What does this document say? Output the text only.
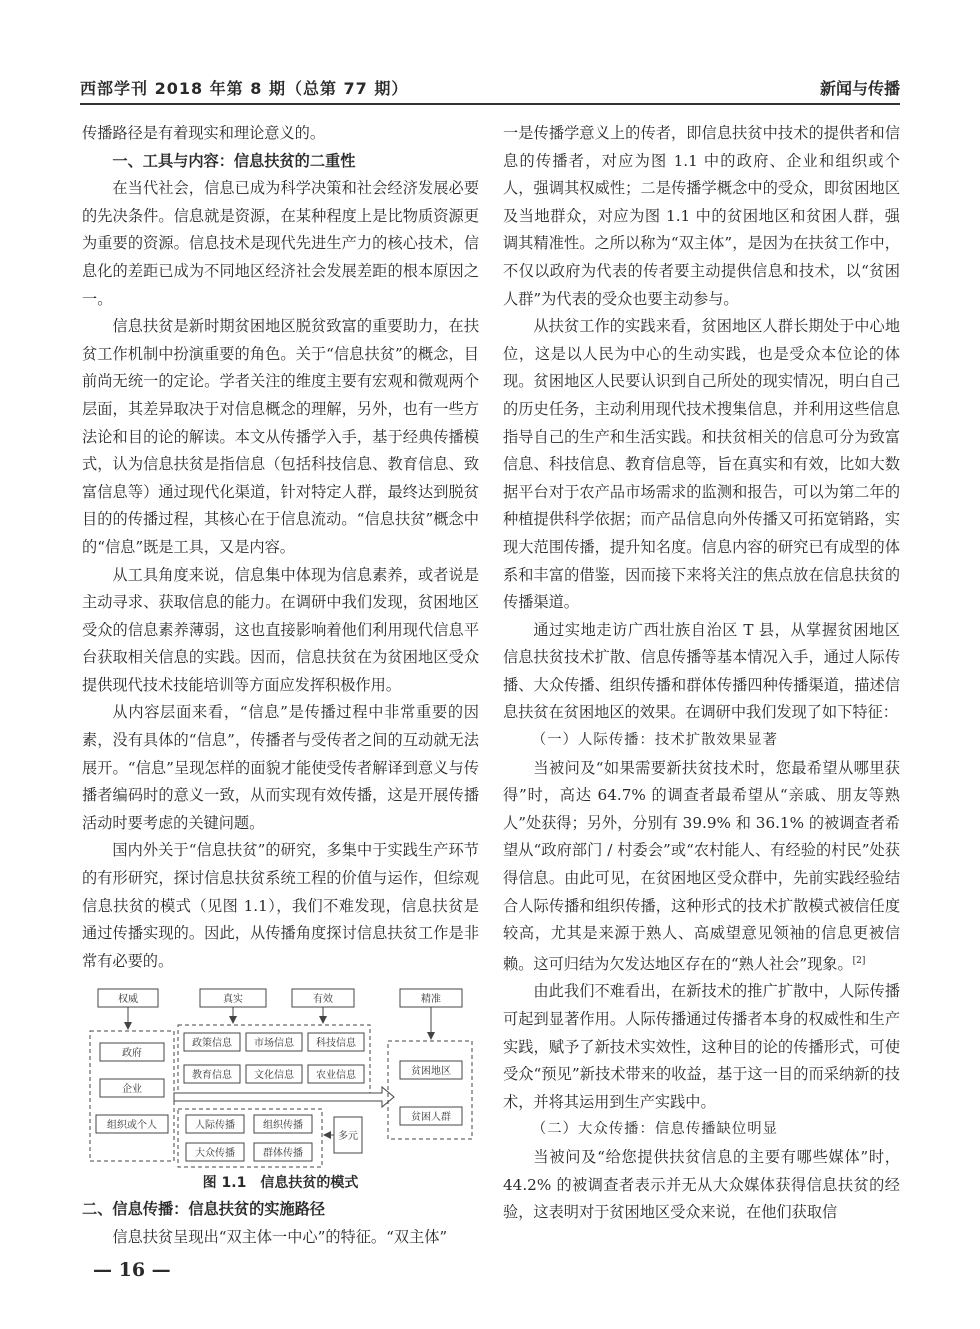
西部学刊 2018 年第 8 期（总第 77 期）	新闻与传播

传播路径是有着现实和理论意义的。

一、工具与内容：信息扶贫的二重性

在当代社会，信息已成为科学决策和社会经济发展必要的先决条件。信息就是资源，在某种程度上是比物质资源更为重要的资源。信息技术是现代先进生产力的核心技术，信息化的差距已成为不同地区经济社会发展差距的根本原因之一。

信息扶贫是新时期贫困地区脱贫致富的重要助力，在扶贫工作机制中扮演重要的角色。关于“信息扶贫”的概念，目前尚无统一的定论。学者关注的维度主要有宏观和微观两个层面，其差异取决于对信息概念的理解，另外，也有一些方法论和目的论的解读。本文从传播学入手，基于经典传播模式，认为信息扶贫是指信息（包括科技信息、教育信息、致富信息等）通过现代化渠道，针对特定人群，最终达到脱贫目的的传播过程，其核心在于信息流动。“信息扶贫”概念中的“信息”既是工具，又是内容。

从工具角度来说，信息集中体现为信息素养，或者说是主动寻求、获取信息的能力。在调研中我们发现，贫困地区受众的信息素养薄弱，这也直接影响着他们利用现代信息平台获取相关信息的实践。因而，信息扶贫在为贫困地区受众提供现代技术技能培训等方面应发挥积极作用。

从内容层面来看，“信息”是传播过程中非常重要的因素，没有具体的“信息”，传播者与受传者之间的互动就无法展开。“信息”呈现怎样的面貌才能使受传者解译到意义与传播者编码时的意义一致，从而实现有效传播，这是开展传播活动时要考虑的关键问题。

国内外关于“信息扶贫”的研究，多集中于实践生产环节的有形研究，探讨信息扶贫系统工程的价值与运作，但综观信息扶贫的模式（见图 1.1），我们不难发现，信息扶贫是通过传播实现的。因此，从传播角度探讨信息扶贫工作是非常有必要的。

权威	真实	有效	精准
政府
企业
组织或个人
政策信息 市场信息 科技信息
教育信息 文化信息 农业信息
人际传播	组织传播
大众传播	群体传播
多元
贫困地区
贫困人群
图 1.1　信息扶贫的模式
二、信息传播：信息扶贫的实施路径

信息扶贫呈现出“双主体一中心”的特征。“双主体”

一是传播学意义上的传者，即信息扶贫中技术的提供者和信息的传播者，对应为图 1.1 中的政府、企业和组织或个人，强调其权威性；二是传播学概念中的受众，即贫困地区及当地群众，对应为图 1.1 中的贫困地区和贫困人群，强调其精准性。之所以称为“双主体”，是因为在扶贫工作中，不仅以政府为代表的传者要主动提供信息和技术，以“贫困人群”为代表的受众也要主动参与。

从扶贫工作的实践来看，贫困地区人群长期处于中心地位，这是以人民为中心的生动实践，也是受众本位论的体现。贫困地区人民要认识到自己所处的现实情况，明白自己的历史任务，主动利用现代技术搜集信息，并利用这些信息指导自己的生产和生活实践。和扶贫相关的信息可分为致富信息、科技信息、教育信息等，旨在真实和有效，比如大数据平台对于农产品市场需求的监测和报告，可以为第二年的种植提供科学依据；而产品信息向外传播又可拓宽销路，实现大范围传播，提升知名度。信息内容的研究已有成型的体系和丰富的借鉴，因而接下来将关注的焦点放在信息扶贫的传播渠道。

通过实地走访广西壮族自治区 T 县，从掌握贫困地区信息扶贫技术扩散、信息传播等基本情况入手，通过人际传播、大众传播、组织传播和群体传播四种传播渠道，描述信息扶贫在贫困地区的效果。在调研中我们发现了如下特征：

（一）人际传播：技术扩散效果显著

当被问及“如果需要新扶贫技术时，您最希望从哪里获得”时，高达 64.7% 的调查者最希望从“亲戚、朋友等熟人”处获得；另外，分别有 39.9% 和 36.1% 的被调查者希望从“政府部门 / 村委会”或“农村能人、有经验的村民”处获得信息。由此可见，在贫困地区受众群中，先前实践经验结合人际传播和组织传播，这种形式的技术扩散模式被信任度较高，尤其是来源于熟人、高威望意见领袖的信息更被信赖。这可归结为欠发达地区存在的“熟人社会”现象。[2]

由此我们不难看出，在新技术的推广扩散中，人际传播可起到显著作用。人际传播通过传播者本身的权威性和生产实践，赋予了新技术实效性，这种目的论的传播形式，可使受众“预见”新技术带来的收益，基于这一目的而采纳新的技术，并将其运用到生产实践中。

（二）大众传播：信息传播缺位明显

当被问及“给您提供扶贫信息的主要有哪些媒体”时，44.2% 的被调查者表示并无从大众媒体获得信息扶贫的经验，这表明对于贫困地区受众来说，在他们获取信

— 16 —
